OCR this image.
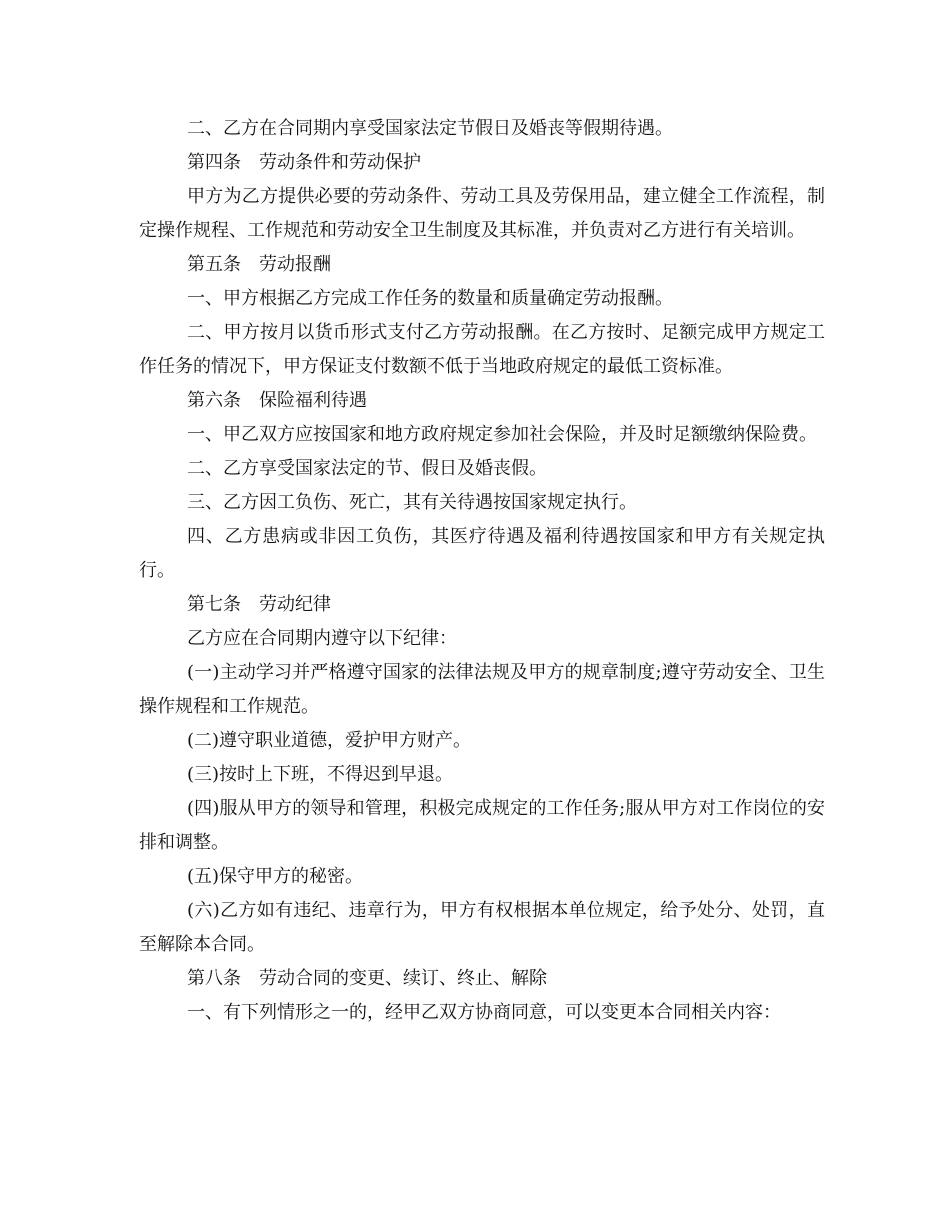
二、乙方在合同期内享受国家法定节假日及婚丧等假期待遇。

第四条　劳动条件和劳动保护

甲方为乙方提供必要的劳动条件、劳动工具及劳保用品，建立健全工作流程，制定操作规程、工作规范和劳动安全卫生制度及其标准，并负责对乙方进行有关培训。

第五条　劳动报酬

一、甲方根据乙方完成工作任务的数量和质量确定劳动报酬。

二、甲方按月以货币形式支付乙方劳动报酬。在乙方按时、足额完成甲方规定工作任务的情况下，甲方保证支付数额不低于当地政府规定的最低工资标准。

第六条　保险福利待遇

一、甲乙双方应按国家和地方政府规定参加社会保险，并及时足额缴纳保险费。

二、乙方享受国家法定的节、假日及婚丧假。

三、乙方因工负伤、死亡，其有关待遇按国家规定执行。

四、乙方患病或非因工负伤，其医疗待遇及福利待遇按国家和甲方有关规定执行。

第七条　劳动纪律

乙方应在合同期内遵守以下纪律：

(一)主动学习并严格遵守国家的法律法规及甲方的规章制度;遵守劳动安全、卫生操作规程和工作规范。

(二)遵守职业道德，爱护甲方财产。

(三)按时上下班，不得迟到早退。

(四)服从甲方的领导和管理，积极完成规定的工作任务;服从甲方对工作岗位的安排和调整。

(五)保守甲方的秘密。

(六)乙方如有违纪、违章行为，甲方有权根据本单位规定，给予处分、处罚，直至解除本合同。

第八条　劳动合同的变更、续订、终止、解除

一、有下列情形之一的，经甲乙双方协商同意，可以变更本合同相关内容：
